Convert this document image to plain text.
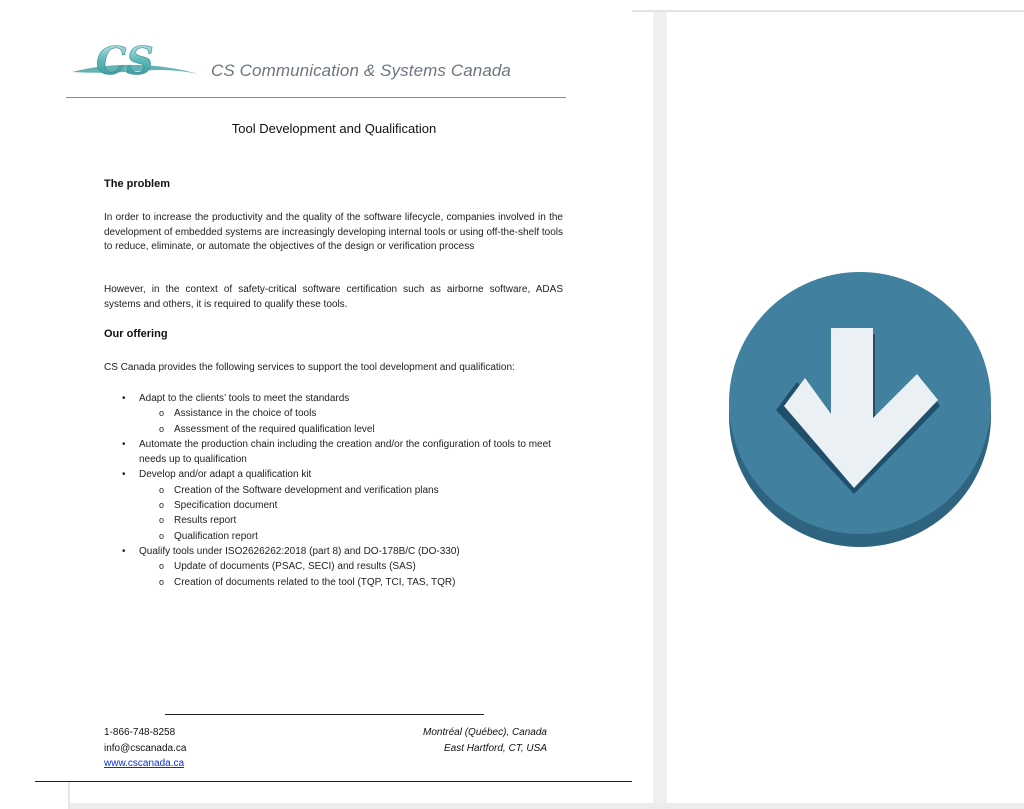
CS	CS Communication & Systems Canada
Tool Development and Qualification
The problem
In order to increase the productivity and the quality of the software lifecycle, companies involved in the development of embedded systems are increasingly developing internal tools or using off-the-shelf tools to reduce, eliminate, or automate the objectives of the design or verification process
However, in the context of safety-critical software certification such as airborne software, ADAS systems and others, it is required to qualify these tools.
Our offering
CS Canada provides the following services to support the tool development and qualification:
• Adapt to the clients’ tools to meet the standards
o Assistance in the choice of tools
o Assessment of the required qualification level
• Automate the production chain including the creation and/or the configuration of tools to meet needs up to qualification
• Develop and/or adapt a qualification kit
o Creation of the Software development and verification plans
o Specification document
o Results report
o Qualification report
• Qualify tools under ISO2626262:2018 (part 8) and DO-178B/C (DO-330)
o Update of documents (PSAC, SECI) and results (SAS)
o Creation of documents related to the tool (TQP, TCI, TAS, TQR)
1-866-748-8258
info@cscanada.ca
www.cscanada.ca
Montréal (Québec), Canada
East Hartford, CT, USA
